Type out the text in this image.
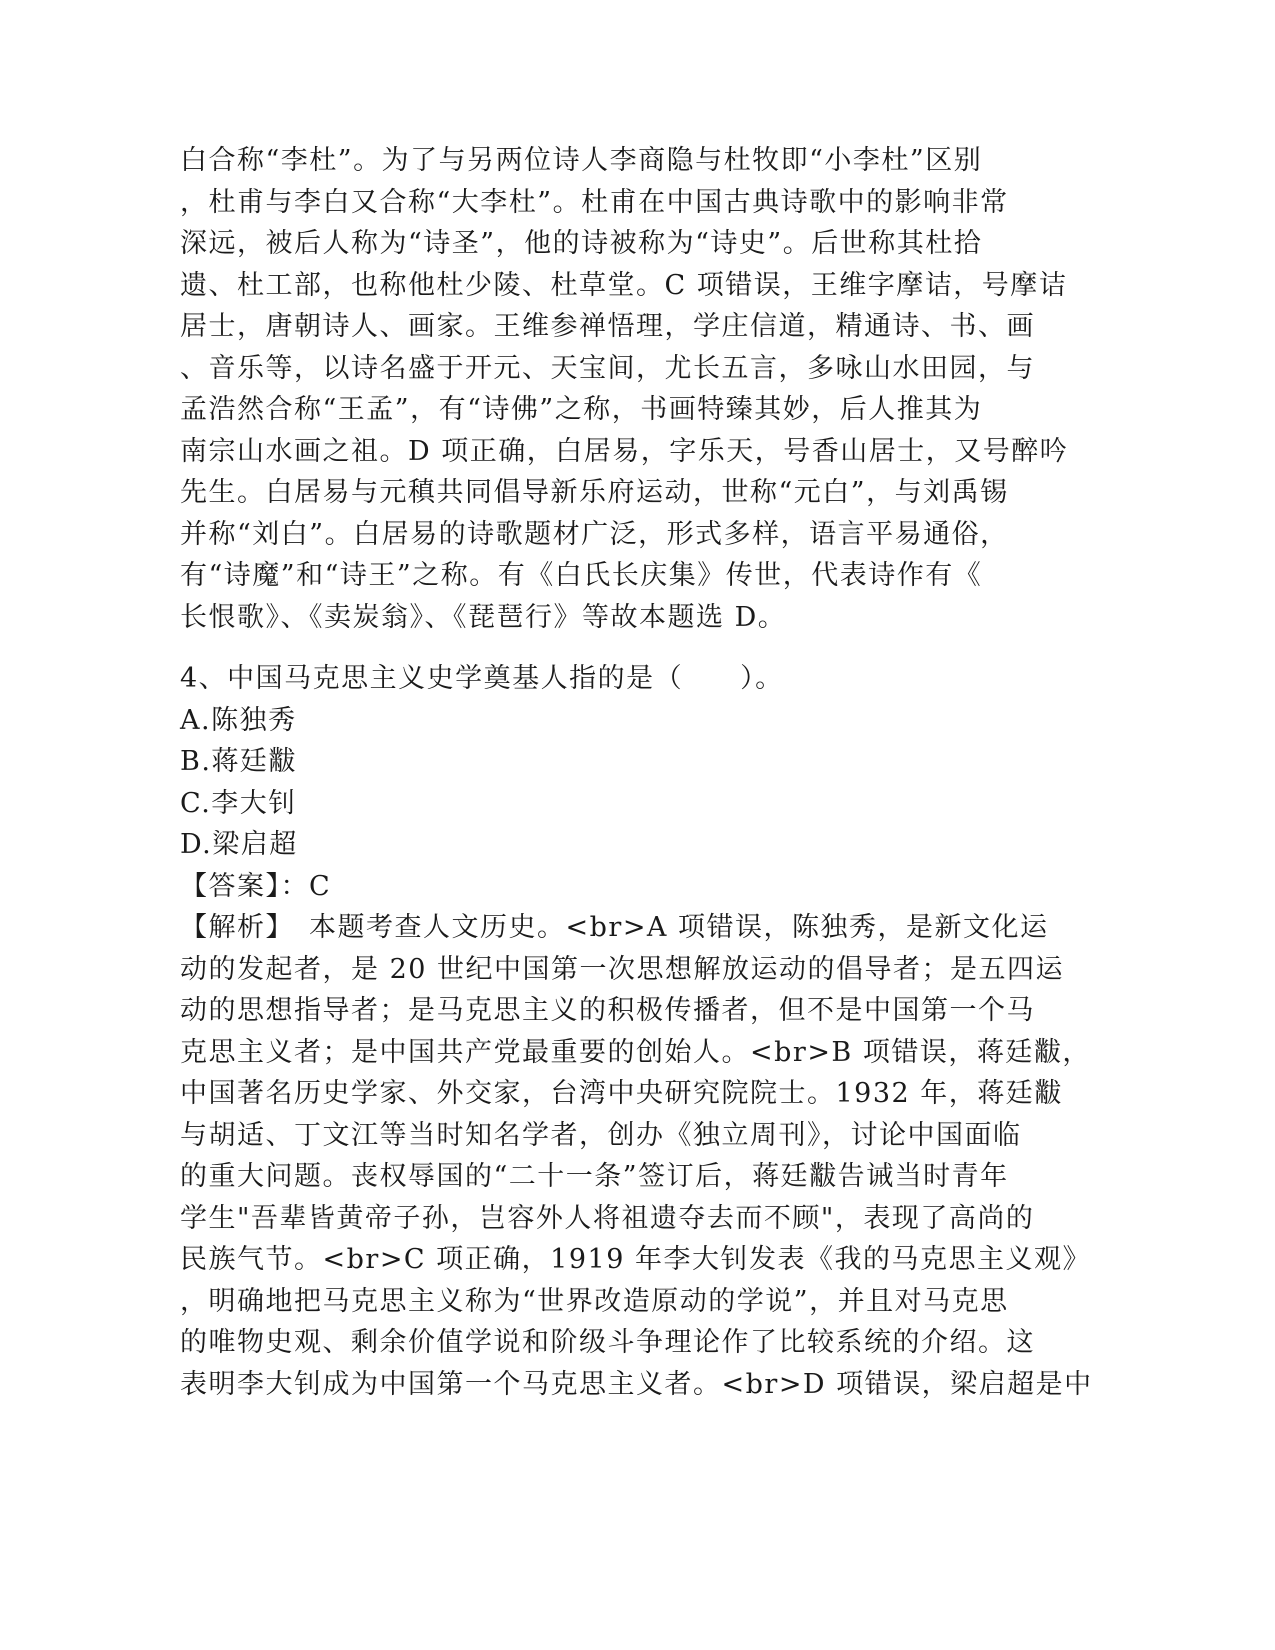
白合称“李杜”。为了与另两位诗人李商隐与杜牧即“小李杜”区别
，杜甫与李白又合称“大李杜”。杜甫在中国古典诗歌中的影响非常
深远，被后人称为“诗圣”，他的诗被称为“诗史”。后世称其杜拾
遗、杜工部，也称他杜少陵、杜草堂。C 项错误，王维字摩诘，号摩诘
居士，唐朝诗人、画家。王维参禅悟理，学庄信道，精通诗、书、画
、音乐等，以诗名盛于开元、天宝间，尤长五言，多咏山水田园，与
孟浩然合称“王孟”，有“诗佛”之称，书画特臻其妙，后人推其为
南宗山水画之祖。D 项正确，白居易，字乐天，号香山居士，又号醉吟
先生。白居易与元稹共同倡导新乐府运动，世称“元白”，与刘禹锡
并称“刘白”。白居易的诗歌题材广泛，形式多样，语言平易通俗，
有“诗魔”和“诗王”之称。有《白氏长庆集》传世，代表诗作有《
长恨歌》、《卖炭翁》、《琵琶行》等故本题选 D。
4、中国马克思主义史学奠基人指的是（　　）。
A.陈独秀
B.蒋廷黻
C.李大钊
D.梁启超
【答案】：C
【解析】　本题考查人文历史。<br>A 项错误，陈独秀，是新文化运
动的发起者，是 20 世纪中国第一次思想解放运动的倡导者；是五四运
动的思想指导者；是马克思主义的积极传播者，但不是中国第一个马
克思主义者；是中国共产党最重要的创始人。<br>B 项错误，蒋廷黻，
中国著名历史学家、外交家，台湾中央研究院院士。1932 年，蒋廷黻
与胡适、丁文江等当时知名学者，创办《独立周刊》，讨论中国面临
的重大问题。丧权辱国的“二十一条”签订后，蒋廷黻告诫当时青年
学生"吾辈皆黄帝子孙，岂容外人将祖遗夺去而不顾"，表现了高尚的
民族气节。<br>C 项正确，1919 年李大钊发表《我的马克思主义观》
，明确地把马克思主义称为“世界改造原动的学说”，并且对马克思
的唯物史观、剩余价值学说和阶级斗争理论作了比较系统的介绍。这
表明李大钊成为中国第一个马克思主义者。<br>D 项错误，梁启超是中
